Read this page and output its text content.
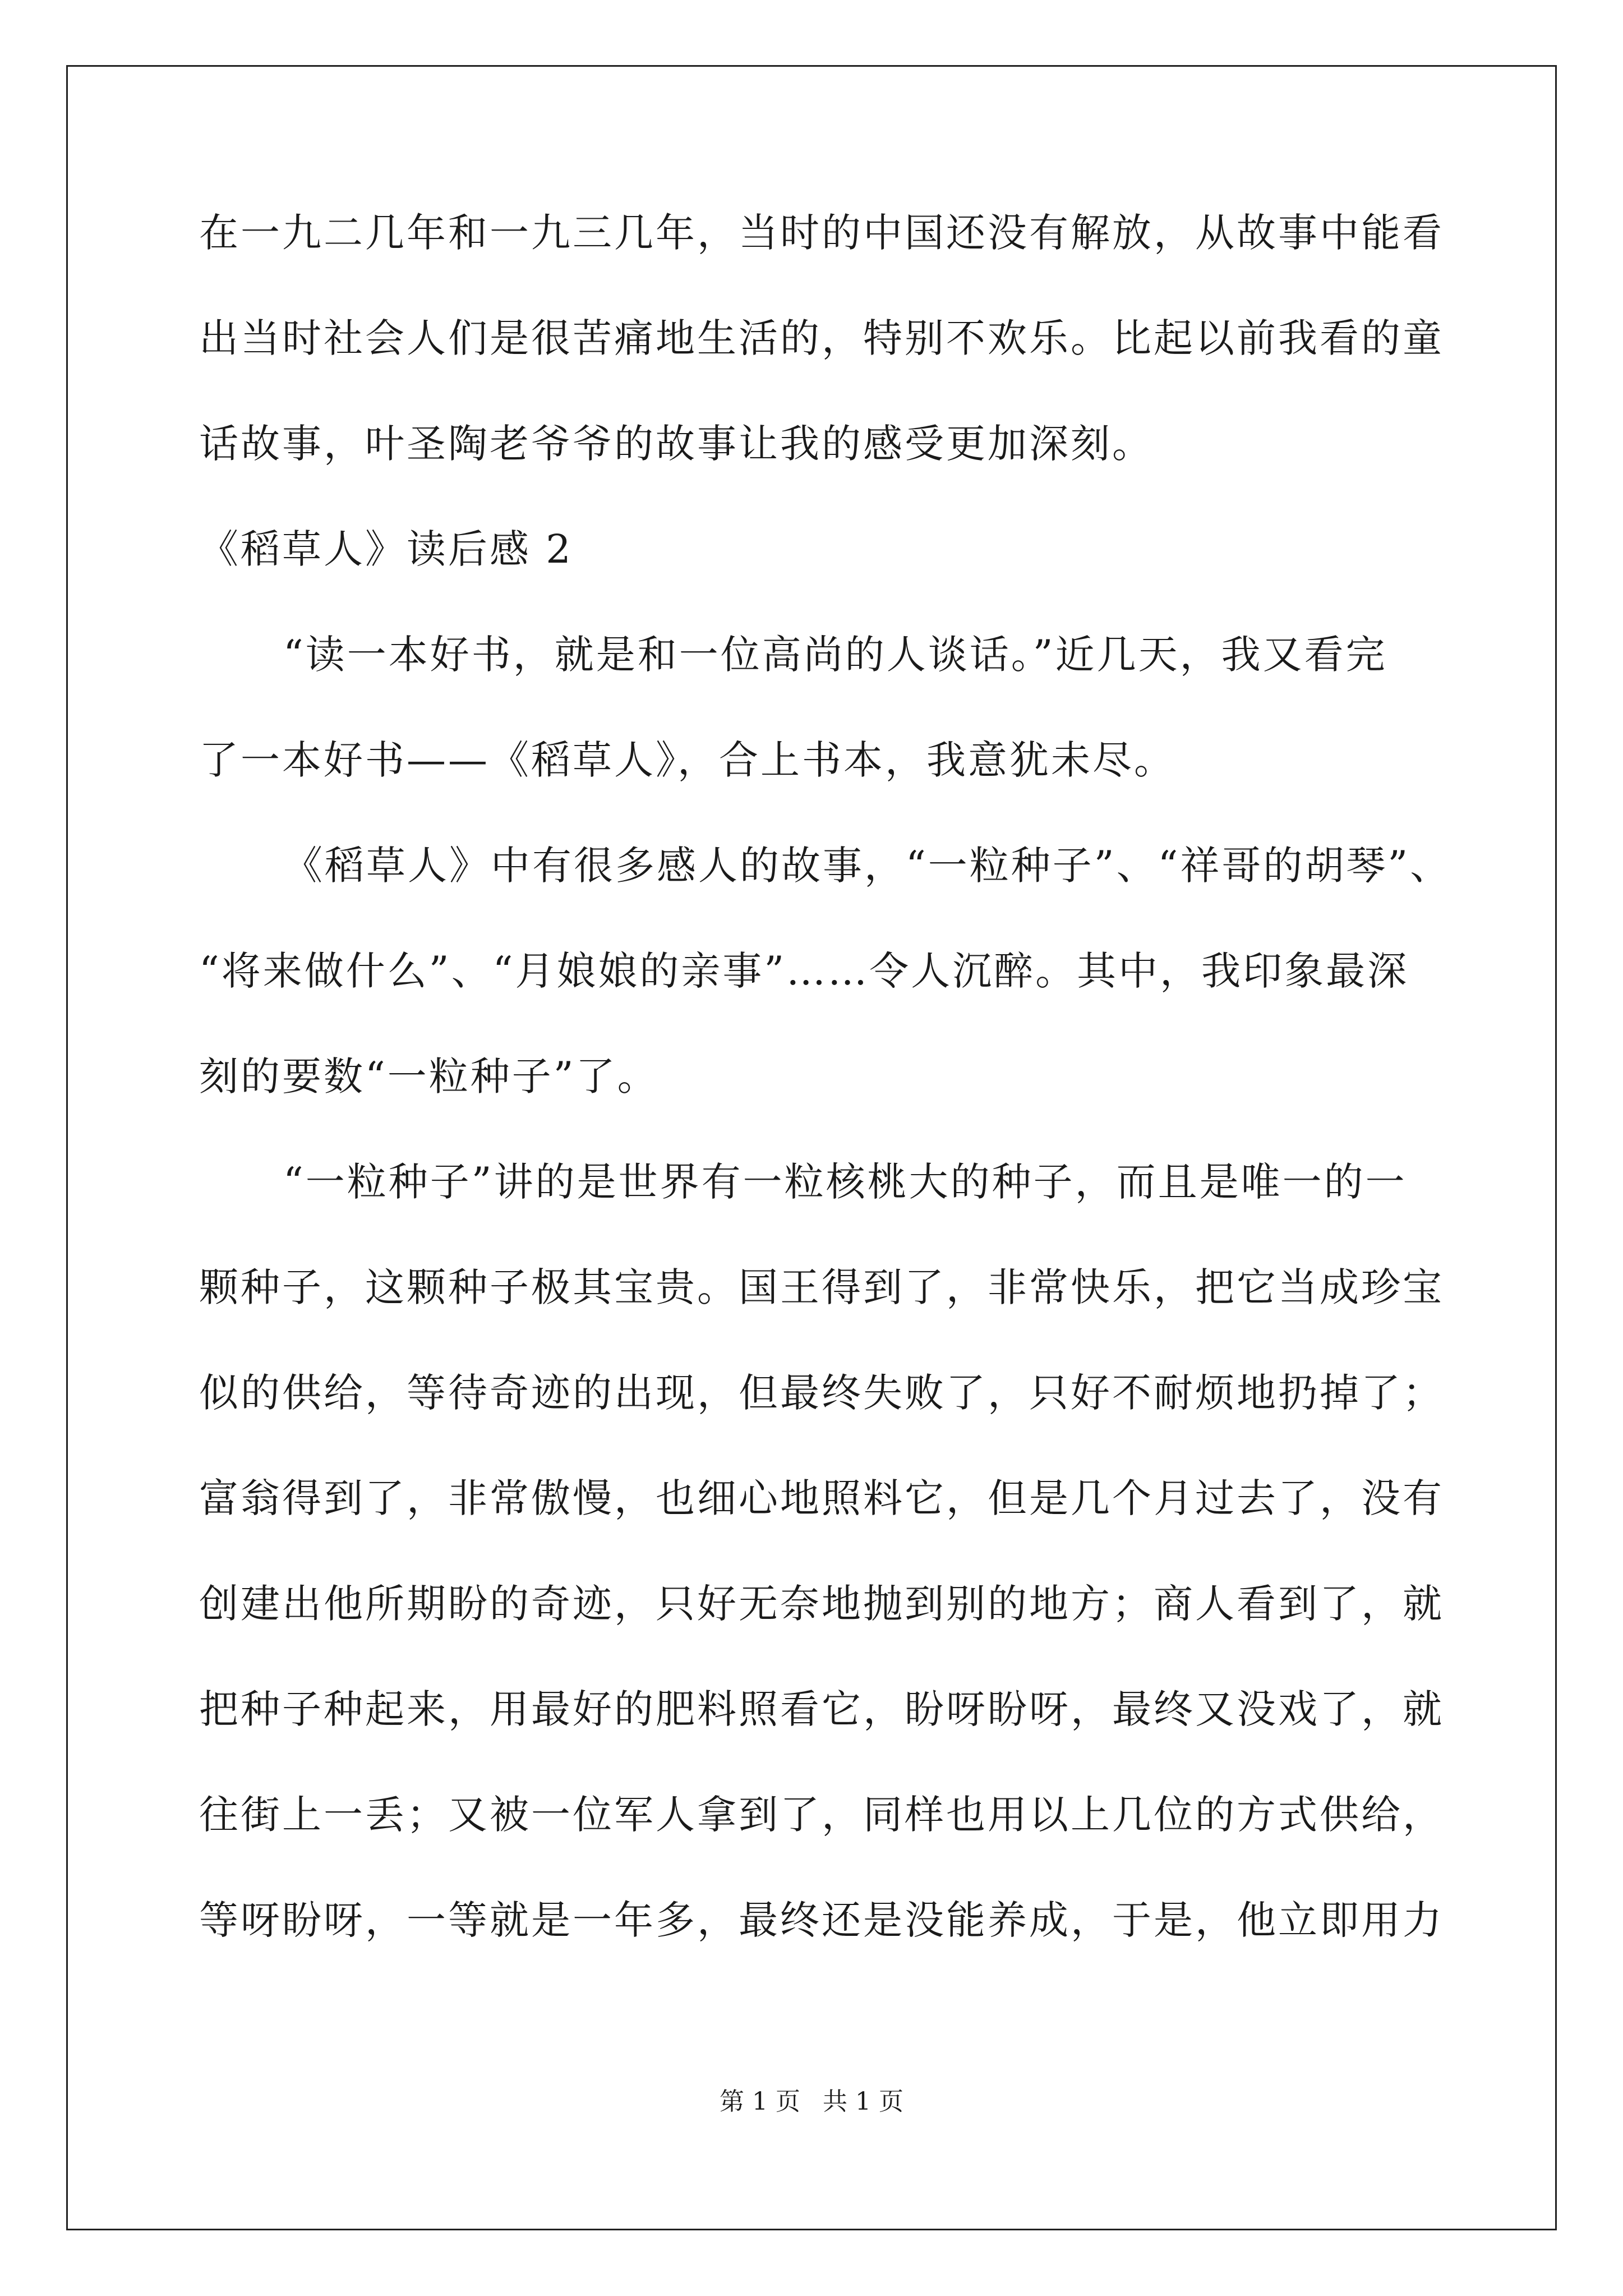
在一九二几年和一九三几年，当时的中国还没有解放，从故事中能看
出当时社会人们是很苦痛地生活的，特别不欢乐。比起以前我看的童
话故事，叶圣陶老爷爷的故事让我的感受更加深刻。
《稻草人》读后感 2
“读一本好书，就是和一位高尚的人谈话。”近几天，我又看完
了一本好书——《稻草人》，合上书本，我意犹未尽。
《稻草人》中有很多感人的故事，“一粒种子”、“祥哥的胡琴”、
“将来做什么”、“月娘娘的亲事”……令人沉醉。其中，我印象最深
刻的要数“一粒种子”了。
“一粒种子”讲的是世界有一粒核桃大的种子，而且是唯一的一
颗种子，这颗种子极其宝贵。国王得到了，非常快乐，把它当成珍宝
似的供给，等待奇迹的出现，但最终失败了，只好不耐烦地扔掉了；
富翁得到了，非常傲慢，也细心地照料它，但是几个月过去了，没有
创建出他所期盼的奇迹，只好无奈地抛到别的地方；商人看到了，就
把种子种起来，用最好的肥料照看它，盼呀盼呀，最终又没戏了，就
往街上一丢；又被一位军人拿到了，同样也用以上几位的方式供给，
等呀盼呀，一等就是一年多，最终还是没能养成，于是，他立即用力
第 1 页 共 1 页
